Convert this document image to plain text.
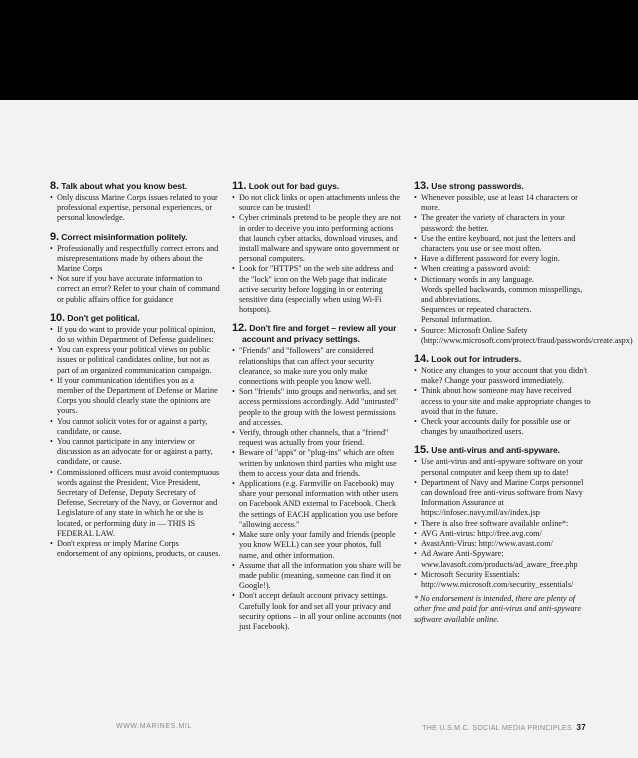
8. Talk about what you know best.
• Only discuss Marine Corps issues related to your professional expertise, personal experiences, or personal knowledge.
9. Correct misinformation politely.
• Professionally and respectfully correct errors and misrepresentations made by others about the Marine Corps
• Not sure if you have accurate information to correct an error? Refer to your chain of command or public affairs office for guidance
10. Don't get political.
• If you do want to provide your political opinion, do so within Department of Defense guidelines:
• You can express your political views on public issues or political candidates online, but not as part of an organized communication campaign.
• If your communication identifies you as a member of the Department of Defense or Marine Corps you should clearly state the opinions are yours.
• You cannot solicit votes for or against a party, candidate, or cause.
• You cannot participate in any interview or discussion as an advocate for or against a party, candidate, or cause.
• Commissioned officers must avoid contemptuous words against the President, Vice President, Secretary of Defense, Deputy Secretary of Defense, Secretary of the Navy, or Governor and Legislature of any state in which he or she is located, or performing duty in — THIS IS FEDERAL LAW.
• Don't express or imply Marine Corps endorsement of any opinions, products, or causes.
11. Look out for bad guys.
• Do not click links or open attachments unless the source can be trusted!
• Cyber criminals pretend to be people they are not in order to deceive you into performing actions that launch cyber attacks, download viruses, and install malware and spyware onto government or personal computers.
• Look for "HTTPS" on the web site address and the "lock" icon on the Web page that indicate active security before logging in or entering sensitive data (especially when using Wi-Fi hotspots).
12. Don't fire and forget – review all your account and privacy settings.
• "Friends" and "followers" are considered relationships that can affect your security clearance, so make sure you only make connections with people you know well.
• Sort "friends" into groups and networks, and set access permissions accordingly. Add "untrusted" people to the group with the lowest permissions and accesses.
• Verify, through other channels, that a "friend" request was actually from your friend.
• Beware of "apps" or "plug-ins" which are often written by unknown third parties who might use them to access your data and friends.
• Applications (e.g. Farmville on Facebook) may share your personal information with other users on Facebook AND external to Facebook. Check the settings of EACH application you use before "allowing access."
• Make sure only your family and friends (people you know WELL) can see your photos, full name, and other information.
• Assume that all the information you share will be made public (meaning, someone can find it on Google!).
• Don't accept default account privacy settings. Carefully look for and set all your privacy and security options – in all your online accounts (not just Facebook).
13. Use strong passwords.
• Whenever possible, use at least 14 characters or more.
• The greater the variety of characters in your password: the better.
• Use the entire keyboard, not just the letters and characters you use or see most often.
• Have a different password for every login.
• When creating a password avoid:
• Dictionary words in any language.
Words spelled backwards, common misspellings, and abbreviations.
Sequences or repeated characters.
Personal information.
• Source: Microsoft Online Safety (http://www.microsoft.com/protect/fraud/passwords/create.aspx)
14. Look out for intruders.
• Notice any changes to your account that you didn't make? Change your password immediately.
• Think about how someone may have received access to your site and make appropriate changes to avoid that in the future.
• Check your accounts daily for possible use or changes by unauthorized users.
15. Use anti-virus and anti-spyware.
• Use anti-virus and anti-spyware software on your personal computer and keep them up to date!
• Department of Navy and Marine Corps personnel can download free anti-virus software from Navy Information Assurance at https://infosec.navy.mil/av/index.jsp
• There is also free software available online*:
• AVG Anti-virus: http://free.avg.com/
• AvastAnti-Virus: http://www.avast.com/
• Ad Aware Anti-Spyware: www.lavasoft.com/products/ad_aware_free.php
• Microsoft Security Essentials: http://www.microsoft.com/security_essentials/
* No endorsement is intended, there are plenty of other free and paid for anti-virus and anti-spyware software available online.
WWW.MARINES.MIL	THE U.S.M.C. SOCIAL MEDIA PRINCIPLES 37
